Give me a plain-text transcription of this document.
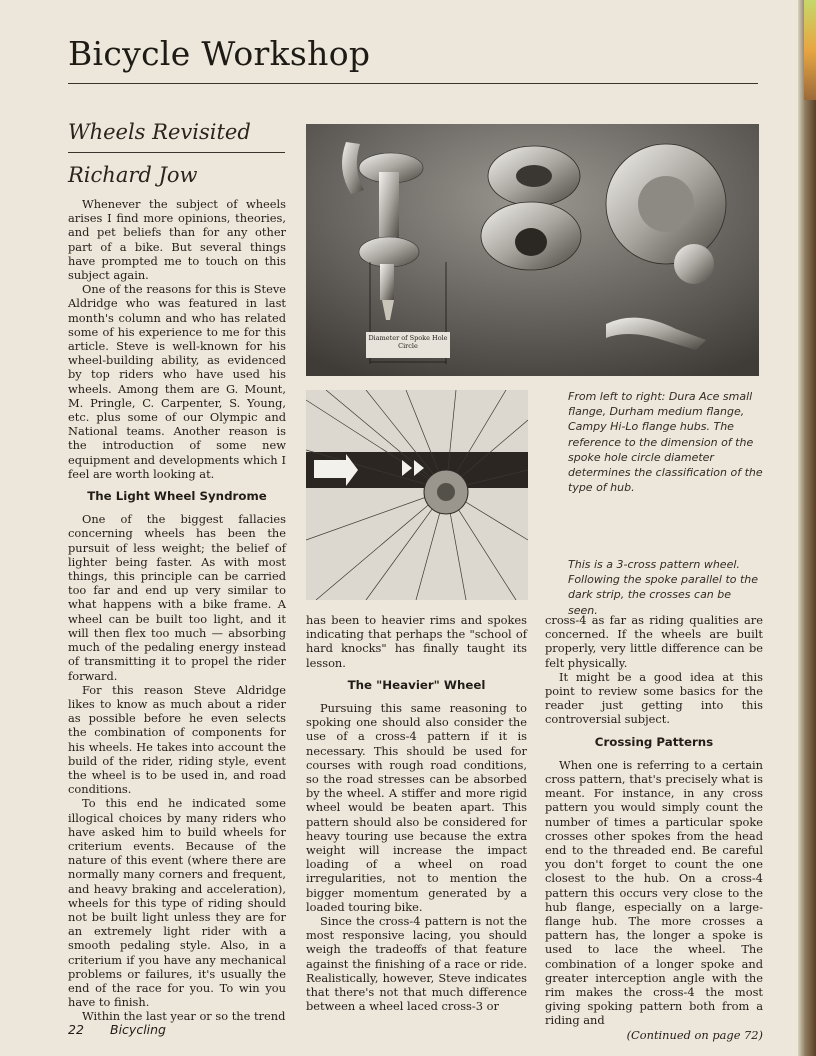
Bicycle Workshop
Wheels Revisited
Richard Jow

Whenever the subject of wheels arises I find more opinions, theories, and pet beliefs than for any other part of a bike. But several things have prompted me to touch on this subject again.

One of the reasons for this is Steve Aldridge who was featured in last month's column and who has related some of his experience to me for this article. Steve is well-known for his wheel-building ability, as evidenced by top riders who have used his wheels. Among them are G. Mount, M. Pringle, C. Carpenter, S. Young, etc. plus some of our Olympic and National teams. Another reason is the introduction of some new equipment and developments which I feel are worth looking at.

The Light Wheel Syndrome

One of the biggest fallacies concerning wheels has been the pursuit of less weight; the belief of lighter being faster. As with most things, this principle can be carried too far and end up very similar to what happens with a bike frame. A wheel can be built too light, and it will then flex too much — absorbing much of the pedaling energy instead of transmitting it to propel the rider forward.

For this reason Steve Aldridge likes to know as much about a rider as possible before he even selects the combination of components for his wheels. He takes into account the build of the rider, riding style, event the wheel is to be used in, and road conditions.

To this end he indicated some illogical choices by many riders who have asked him to build wheels for criterium events. Because of the nature of this event (where there are normally many corners and frequent, and heavy braking and acceleration), wheels for this type of riding should not be built light unless they are for an extremely light rider with a smooth pedaling style. Also, in a criterium if you have any mechanical problems or failures, it's usually the end of the race for you. To win you have to finish.

Within the last year or so the trend

Diameter of Spoke Hole Circle
From left to right: Dura Ace small flange, Durham medium flange, Campy Hi-Lo flange hubs. The reference to the dimension of the spoke hole circle diameter determines the classification of the type of hub.
This is a 3-cross pattern wheel. Following the spoke parallel to the dark strip, the crosses can be seen.

has been to heavier rims and spokes indicating that perhaps the "school of hard knocks" has finally taught its lesson.

The "Heavier" Wheel

Pursuing this same reasoning to spoking one should also consider the use of a cross-4 pattern if it is necessary. This should be used for courses with rough road conditions, so the road stresses can be absorbed by the wheel. A stiffer and more rigid wheel would be beaten apart. This pattern should also be considered for heavy touring use because the extra weight will increase the impact loading of a wheel on road irregularities, not to mention the bigger momentum generated by a loaded touring bike.

Since the cross-4 pattern is not the most responsive lacing, you should weigh the tradeoffs of that feature against the finishing of a race or ride. Realistically, however, Steve indicates that there's not that much difference between a wheel laced cross-3 or

cross-4 as far as riding qualities are concerned. If the wheels are built properly, very little difference can be felt physically.

It might be a good idea at this point to review some basics for the reader just getting into this controversial subject.

Crossing Patterns

When one is referring to a certain cross pattern, that's precisely what is meant. For instance, in any cross pattern you would simply count the number of times a particular spoke crosses other spokes from the head end to the threaded end. Be careful you don't forget to count the one closest to the hub. On a cross-4 pattern this occurs very close to the hub flange, especially on a large-flange hub. The more crosses a pattern has, the longer a spoke is used to lace the wheel. The combination of a longer spoke and greater interception angle with the rim makes the cross-4 the most giving spoking pattern both from a riding and

(Continued on page 72)

22 Bicycling
